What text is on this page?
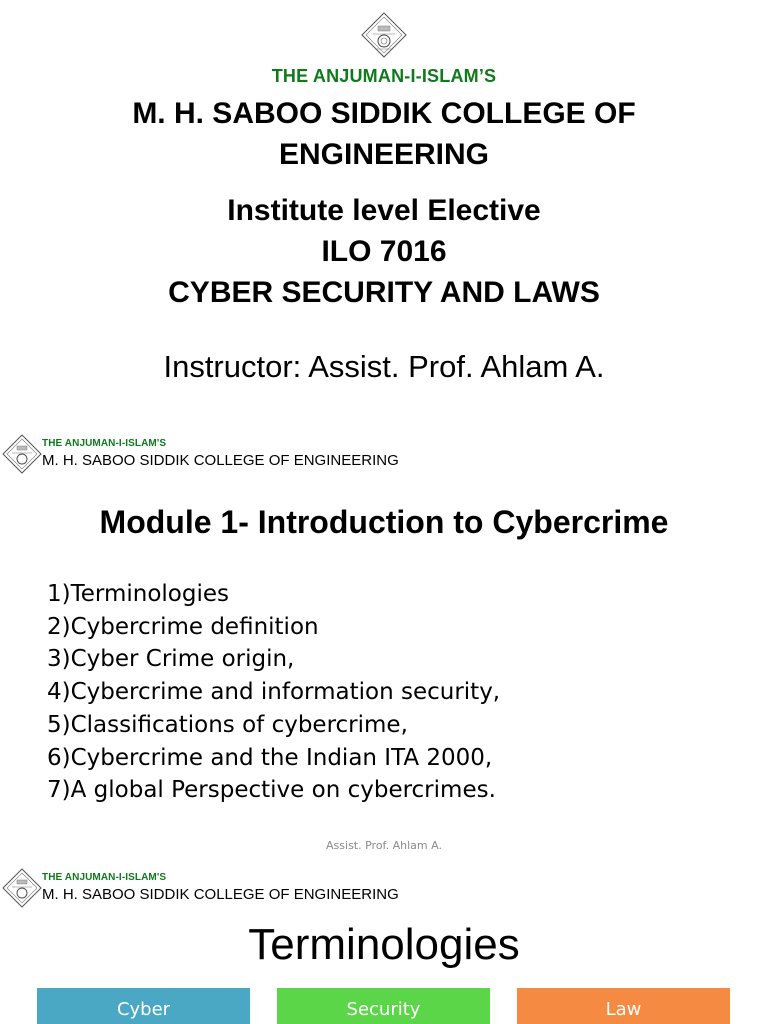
THE ANJUMAN-I-ISLAM’S
M. H. SABOO SIDDIK COLLEGE OF ENGINEERING
Institute level Elective
ILO 7016
CYBER SECURITY AND LAWS
Instructor: Assist. Prof. Ahlam A.
THE ANJUMAN-I-ISLAM'S
M. H. SABOO SIDDIK COLLEGE OF ENGINEERING
Module 1- Introduction to Cybercrime
1)Terminologies
2)Cybercrime definition
3)Cyber Crime origin,
4)Cybercrime and information security,
5)Classifications of cybercrime,
6)Cybercrime and the Indian ITA 2000,
7)A global Perspective on cybercrimes.
Assist. Prof. Ahlam A.
THE ANJUMAN-I-ISLAM'S
M. H. SABOO SIDDIK COLLEGE OF ENGINEERING
Terminologies
Cyber	Security	Law
